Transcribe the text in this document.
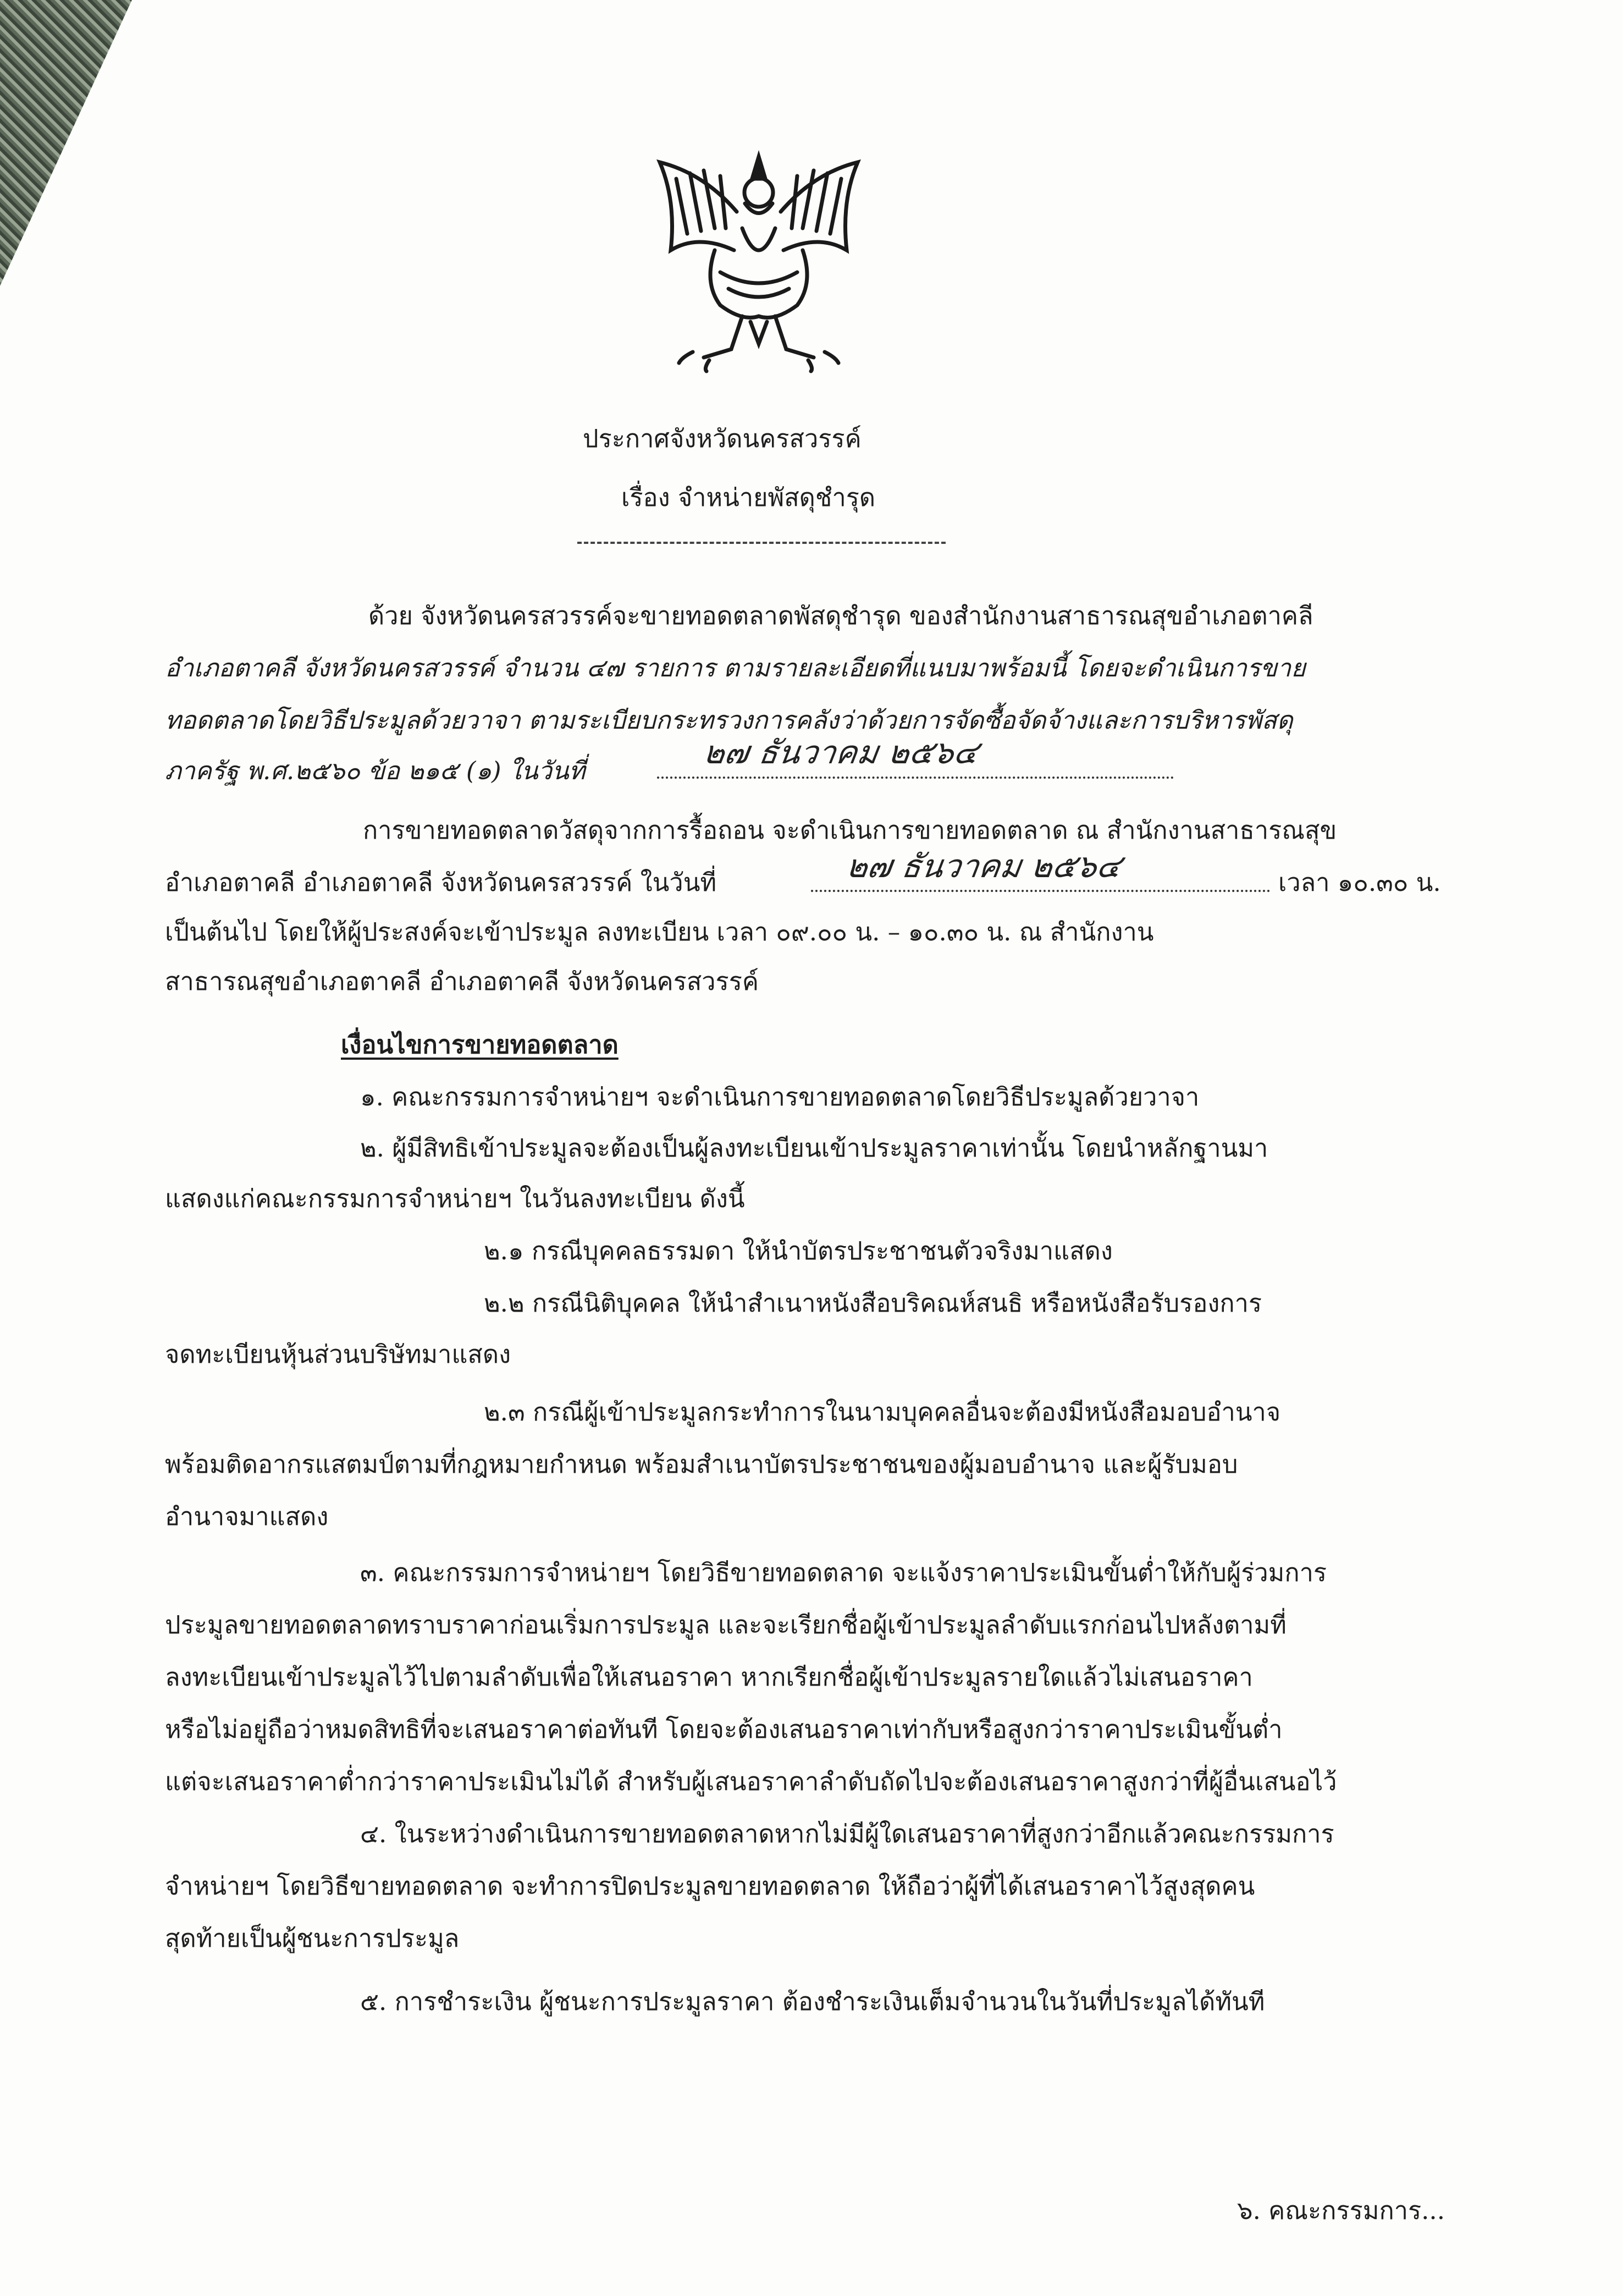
ประกาศจังหวัดนครสวรรค์
เรื่อง จำหน่ายพัสดุชำรุด
ด้วย จังหวัดนครสวรรค์จะขายทอดตลาดพัสดุชำรุด ของสำนักงานสาธารณสุขอำเภอตาคลี
อำเภอตาคลี จังหวัดนครสวรรค์ จำนวน ๔๗ รายการ ตามรายละเอียดที่แนบมาพร้อมนี้ โดยจะดำเนินการขาย
ทอดตลาดโดยวิธีประมูลด้วยวาจา ตามระเบียบกระทรวงการคลังว่าด้วยการจัดซื้อจัดจ้างและการบริหารพัสดุ
ภาครัฐ พ.ศ.๒๕๖๐ ข้อ ๒๑๕ (๑) ในวันที่	๒๗ ธันวาคม ๒๕๖๔
การขายทอดตลาดวัสดุจากการรื้อถอน จะดำเนินการขายทอดตลาด ณ สำนักงานสาธารณสุข
อำเภอตาคลี อำเภอตาคลี จังหวัดนครสวรรค์ ในวันที่	๒๗ ธันวาคม ๒๕๖๔	เวลา ๑๐.๓๐ น.
เป็นต้นไป โดยให้ผู้ประสงค์จะเข้าประมูล ลงทะเบียน เวลา ๐๙.๐๐ น. – ๑๐.๓๐ น. ณ สำนักงาน
สาธารณสุขอำเภอตาคลี อำเภอตาคลี จังหวัดนครสวรรค์
เงื่อนไขการขายทอดตลาด
๑. คณะกรรมการจำหน่ายฯ จะดำเนินการขายทอดตลาดโดยวิธีประมูลด้วยวาจา
๒. ผู้มีสิทธิเข้าประมูลจะต้องเป็นผู้ลงทะเบียนเข้าประมูลราคาเท่านั้น โดยนำหลักฐานมา
แสดงแก่คณะกรรมการจำหน่ายฯ ในวันลงทะเบียน ดังนี้
๒.๑ กรณีบุคคลธรรมดา ให้นำบัตรประชาชนตัวจริงมาแสดง
๒.๒ กรณีนิติบุคคล ให้นำสำเนาหนังสือบริคณห์สนธิ หรือหนังสือรับรองการ
จดทะเบียนหุ้นส่วนบริษัทมาแสดง
๒.๓ กรณีผู้เข้าประมูลกระทำการในนามบุคคลอื่นจะต้องมีหนังสือมอบอำนาจ
พร้อมติดอากรแสตมป์ตามที่กฎหมายกำหนด พร้อมสำเนาบัตรประชาชนของผู้มอบอำนาจ และผู้รับมอบ
อำนาจมาแสดง
๓. คณะกรรมการจำหน่ายฯ โดยวิธีขายทอดตลาด จะแจ้งราคาประเมินขั้นต่ำให้กับผู้ร่วมการ
ประมูลขายทอดตลาดทราบราคาก่อนเริ่มการประมูล และจะเรียกชื่อผู้เข้าประมูลลำดับแรกก่อนไปหลังตามที่
ลงทะเบียนเข้าประมูลไว้ไปตามลำดับเพื่อให้เสนอราคา หากเรียกชื่อผู้เข้าประมูลรายใดแล้วไม่เสนอราคา
หรือไม่อยู่ถือว่าหมดสิทธิที่จะเสนอราคาต่อทันที โดยจะต้องเสนอราคาเท่ากับหรือสูงกว่าราคาประเมินขั้นต่ำ
แต่จะเสนอราคาต่ำกว่าราคาประเมินไม่ได้ สำหรับผู้เสนอราคาลำดับถัดไปจะต้องเสนอราคาสูงกว่าที่ผู้อื่นเสนอไว้
๔. ในระหว่างดำเนินการขายทอดตลาดหากไม่มีผู้ใดเสนอราคาที่สูงกว่าอีกแล้วคณะกรรมการ
จำหน่ายฯ โดยวิธีขายทอดตลาด จะทำการปิดประมูลขายทอดตลาด ให้ถือว่าผู้ที่ได้เสนอราคาไว้สูงสุดคน
สุดท้ายเป็นผู้ชนะการประมูล
๕. การชำระเงิน ผู้ชนะการประมูลราคา ต้องชำระเงินเต็มจำนวนในวันที่ประมูลได้ทันที
๖. คณะกรรมการ...
